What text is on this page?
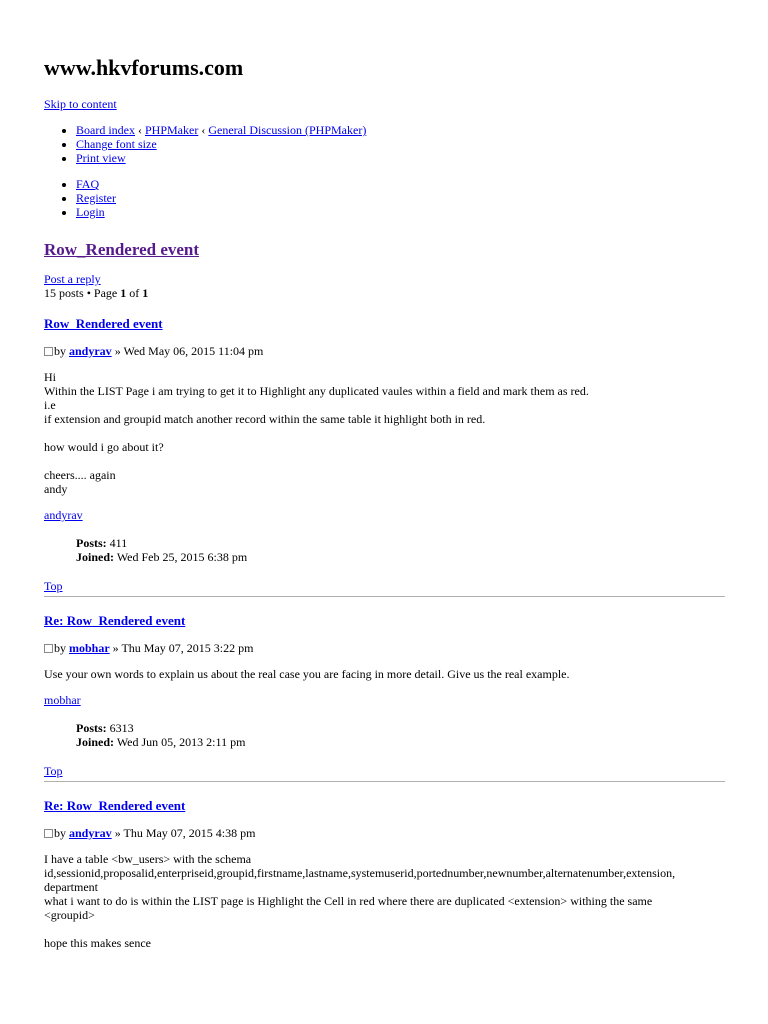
www.hkvforums.com
Skip to content
• Board index ‹ PHPMaker ‹ General Discussion (PHPMaker)
• Change font size
• Print view
• FAQ
• Register
• Login
Row_Rendered event
Post a reply
15 posts • Page 1 of 1
Row_Rendered event
by andyrav » Wed May 06, 2015 11:04 pm

Hi

Within the LIST Page i am trying to get it to Highlight any duplicated vaules within a field and mark them as red.

i.e

if extension and groupid match another record within the same table it highlight both in red.

how would i go about it?

cheers.... again

andy

andyrav
Posts: 411
Joined: Wed Feb 25, 2015 6:38 pm
Top
Re: Row_Rendered event
by mobhar » Thu May 07, 2015 3:22 pm

Use your own words to explain us about the real case you are facing in more detail. Give us the real example.

mobhar
Posts: 6313
Joined: Wed Jun 05, 2013 2:11 pm
Top
Re: Row_Rendered event
by andyrav » Thu May 07, 2015 4:38 pm

I have a table <bw_users> with the schema

id,sessionid,proposalid,enterpriseid,groupid,firstname,lastname,systemuserid,portednumber,newnumber,alternatenumber,extension,

department

what i want to do is within the LIST page is Highlight the Cell in red where there are duplicated <extension> withing the same

<groupid>

hope this makes sence
